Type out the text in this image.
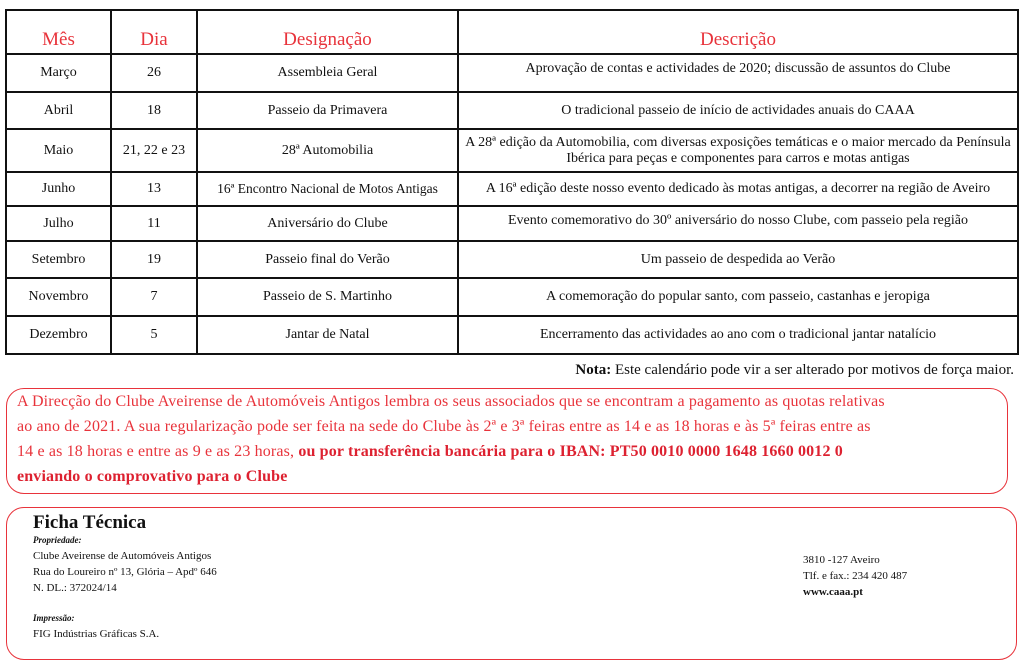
Mês	Dia	Designação	Descrição
Março	26	Assembleia Geral	Aprovação de contas e actividades de 2020; discussão de assuntos do Clube
Abril	18	Passeio da Primavera	O tradicional passeio de início de actividades anuais do CAAA
Maio	21, 22 e 23	28ª Automobilia	A 28ª edição da Automobilia, com diversas exposições temáticas e o maior mercado da Península Ibérica para peças e componentes para carros e motas antigas
Junho	13	16ª Encontro Nacional de Motos Antigas	A 16ª edição deste nosso evento dedicado às motas antigas, a decorrer na região de Aveiro
Julho	11	Aniversário do Clube	Evento comemorativo do 30º aniversário do nosso Clube, com passeio pela região
Setembro	19	Passeio final do Verão	Um passeio de despedida ao Verão
Novembro	7	Passeio de S. Martinho	A comemoração do popular santo, com passeio, castanhas e jeropiga
Dezembro	5	Jantar de Natal	Encerramento das actividades ao ano com o tradicional jantar natalício
Nota: Este calendário pode vir a ser alterado por motivos de força maior.

A Direcção do Clube Aveirense de Automóveis Antigos lembra os seus associados que se encontram a pagamento as quotas relativas

ao ano de 2021. A sua regularização pode ser feita na sede do Clube às 2ª e 3ª feiras entre as 14 e as 18 horas e às 5ª feiras entre as

14 e as 18 horas e entre as 9 e as 23 horas, ou por transferência bancária para o IBAN: PT50 0010 0000 1648 1660 0012 0

enviando o comprovativo para o Clube

Ficha Técnica
Propriedade:
Clube Aveirense de Automóveis Antigos
Rua do Loureiro nº 13, Glória – Apdº 646
N. DL.: 372024/14
Impressão:
FIG Indústrias Gráficas S.A.
3810 -127 Aveiro
Tlf. e fax.: 234 420 487
www.caaa.pt
